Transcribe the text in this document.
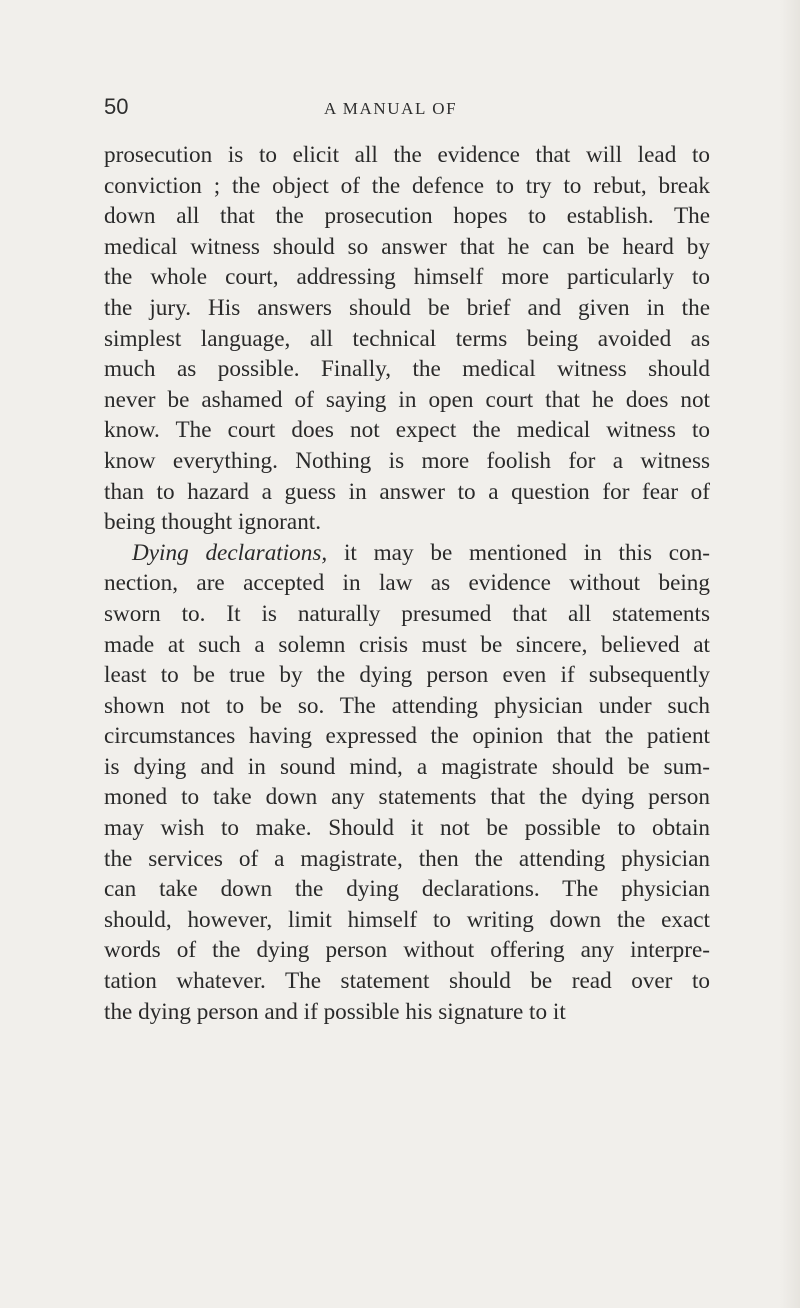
50	A MANUAL OF
prosecution is to elicit all the evidence that will lead to
conviction ; the object of the defence to try to rebut, break
down all that the prosecution hopes to establish. The
medical witness should so answer that he can be heard by
the whole court, addressing himself more particularly to
the jury. His answers should be brief and given in the
simplest language, all technical terms being avoided as
much as possible. Finally, the medical witness should
never be ashamed of saying in open court that he does not
know. The court does not expect the medical witness to
know everything. Nothing is more foolish for a witness
than to hazard a guess in answer to a question for fear of
being thought ignorant.
Dying declarations, it may be mentioned in this con-
nection, are accepted in law as evidence without being
sworn to. It is naturally presumed that all statements
made at such a solemn crisis must be sincere, believed at
least to be true by the dying person even if subsequently
shown not to be so. The attending physician under such
circumstances having expressed the opinion that the patient
is dying and in sound mind, a magistrate should be sum-
moned to take down any statements that the dying person
may wish to make. Should it not be possible to obtain
the services of a magistrate, then the attending physician
can take down the dying declarations. The physician
should, however, limit himself to writing down the exact
words of the dying person without offering any interpre-
tation whatever. The statement should be read over to
the dying person and if possible his signature to it
